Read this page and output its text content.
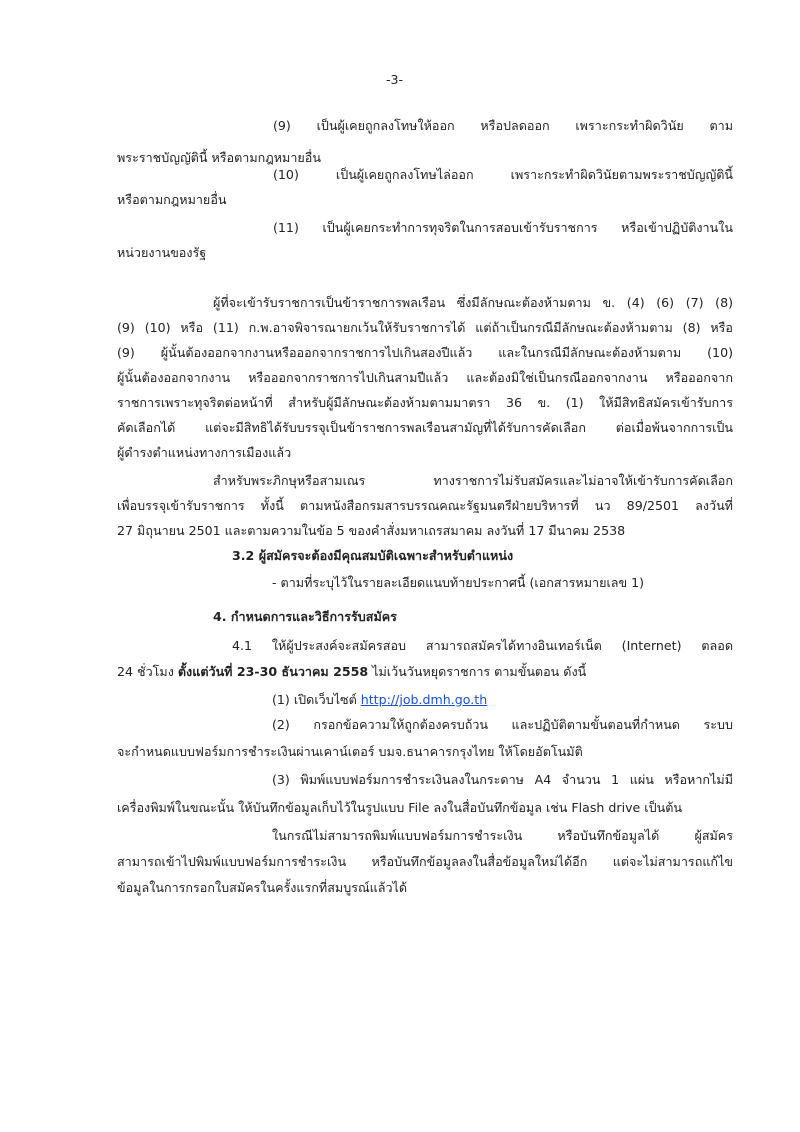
-3-
(9) เป็นผู้เคยถูกลงโทษให้ออก หรือปลดออก เพราะกระทำผิดวินัย ตาม
พระราชบัญญัตินี้ หรือตามกฎหมายอื่น
(10) เป็นผู้เคยถูกลงโทษไล่ออก เพราะกระทำผิดวินัยตามพระราชบัญญัตินี้
หรือตามกฎหมายอื่น
(11) เป็นผู้เคยกระทำการทุจริตในการสอบเข้ารับราชการ หรือเข้าปฏิบัติงานใน
หน่วยงานของรัฐ
ผู้ที่จะเข้ารับราชการเป็นข้าราชการพลเรือน ซึ่งมีลักษณะต้องห้ามตาม ข. (4) (6) (7) (8)
(9) (10) หรือ (11) ก.พ.อาจพิจารณายกเว้นให้รับราชการได้ แต่ถ้าเป็นกรณีมีลักษณะต้องห้ามตาม (8) หรือ
(9) ผู้นั้นต้องออกจากงานหรือออกจากราชการไปเกินสองปีแล้ว และในกรณีมีลักษณะต้องห้ามตาม (10)
ผู้นั้นต้องออกจากงาน หรือออกจากราชการไปเกินสามปีแล้ว และต้องมิใช่เป็นกรณีออกจากงาน หรือออกจาก
ราชการเพราะทุจริตต่อหน้าที่ สำหรับผู้มีลักษณะต้องห้ามตามมาตรา 36 ข. (1) ให้มีสิทธิสมัครเข้ารับการ
คัดเลือกได้ แต่จะมีสิทธิได้รับบรรจุเป็นข้าราชการพลเรือนสามัญที่ได้รับการคัดเลือก ต่อเมื่อพ้นจากการเป็น
ผู้ดำรงตำแหน่งทางการเมืองแล้ว
สำหรับพระภิกษุหรือสามเณร ทางราชการไม่รับสมัครและไม่อาจให้เข้ารับการคัดเลือก
เพื่อบรรจุเข้ารับราชการ ทั้งนี้ ตามหนังสือกรมสารบรรณคณะรัฐมนตรีฝ่ายบริหารที่ นว 89/2501 ลงวันที่
27 มิถุนายน 2501 และตามความในข้อ 5 ของคำสั่งมหาเถรสมาคม ลงวันที่ 17 มีนาคม 2538
3.2 ผู้สมัครจะต้องมีคุณสมบัติเฉพาะสำหรับตำแหน่ง
- ตามที่ระบุไว้ในรายละเอียดแนบท้ายประกาศนี้ (เอกสารหมายเลข 1)
4. กำหนดการและวิธีการรับสมัคร
4.1 ให้ผู้ประสงค์จะสมัครสอบ สามารถสมัครได้ทางอินเทอร์เน็ต (Internet) ตลอด
24 ชั่วโมง ตั้งแต่วันที่ 23-30 ธันวาคม 2558 ไม่เว้นวันหยุดราชการ ตามขั้นตอน ดังนี้
(1) เปิดเว็บไซต์ http://job.dmh.go.th
(2) กรอกข้อความให้ถูกต้องครบถ้วน และปฏิบัติตามขั้นตอนที่กำหนด ระบบ
จะกำหนดแบบฟอร์มการชำระเงินผ่านเคาน์เตอร์ บมจ.ธนาคารกรุงไทย ให้โดยอัตโนมัติ
(3) พิมพ์แบบฟอร์มการชำระเงินลงในกระดาษ A4 จำนวน 1 แผ่น หรือหากไม่มี
เครื่องพิมพ์ในขณะนั้น ให้บันทึกข้อมูลเก็บไว้ในรูปแบบ File ลงในสื่อบันทึกข้อมูล เช่น Flash drive เป็นต้น
ในกรณีไม่สามารถพิมพ์แบบฟอร์มการชำระเงิน หรือบันทึกข้อมูลได้ ผู้สมัคร
สามารถเข้าไปพิมพ์แบบฟอร์มการชำระเงิน หรือบันทึกข้อมูลลงในสื่อข้อมูลใหม่ได้อีก แต่จะไม่สามารถแก้ไข
ข้อมูลในการกรอกใบสมัครในครั้งแรกที่สมบูรณ์แล้วได้
